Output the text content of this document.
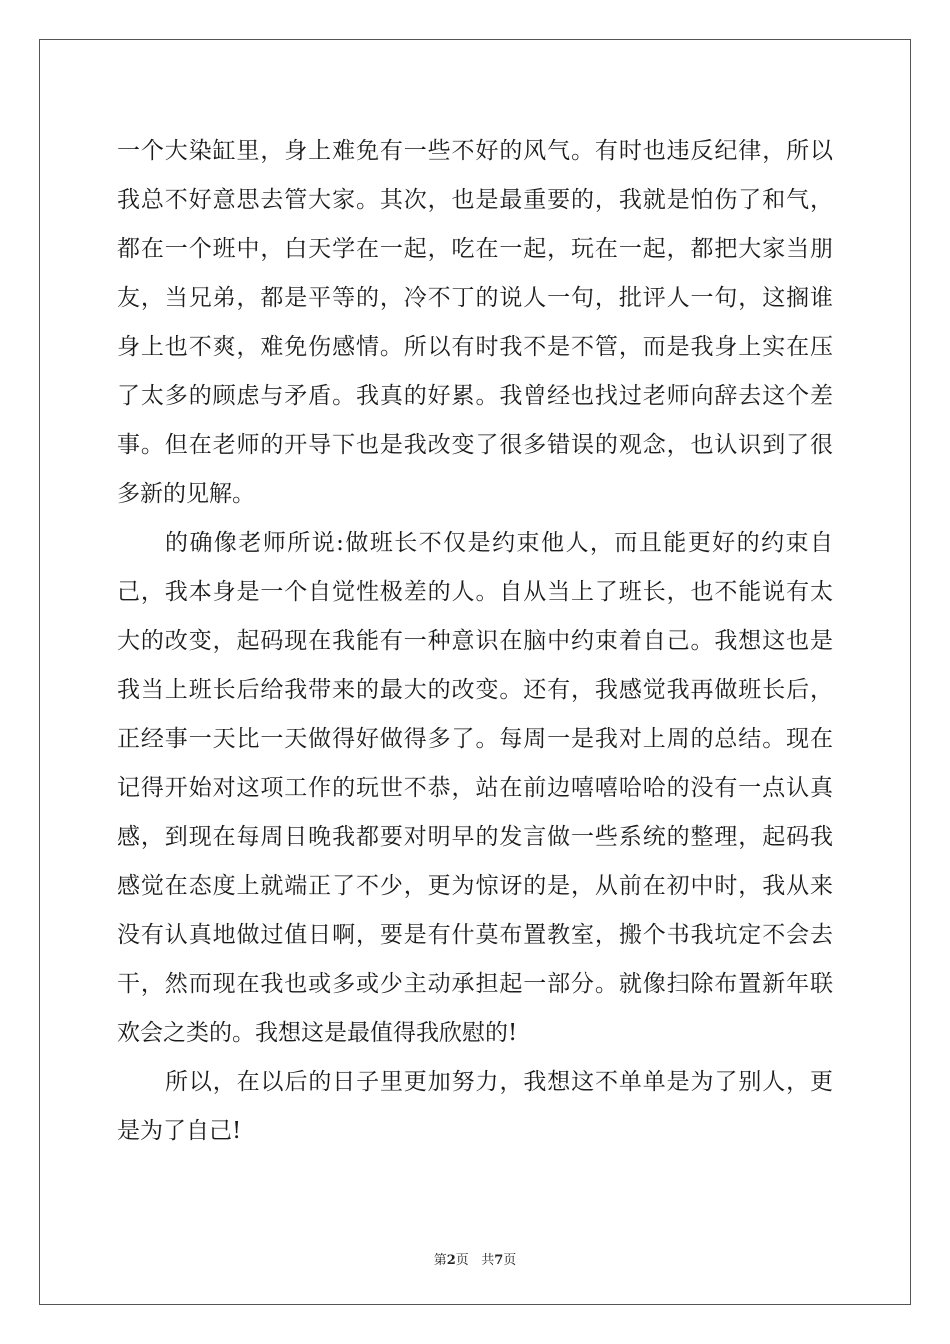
一个大染缸里，身上难免有一些不好的风气。有时也违反纪律，所以
我总不好意思去管大家。其次，也是最重要的，我就是怕伤了和气，
都在一个班中，白天学在一起，吃在一起，玩在一起，都把大家当朋
友，当兄弟，都是平等的，冷不丁的说人一句，批评人一句，这搁谁
身上也不爽，难免伤感情。所以有时我不是不管，而是我身上实在压
了太多的顾虑与矛盾。我真的好累。我曾经也找过老师向辞去这个差
事。但在老师的开导下也是我改变了很多错误的观念，也认识到了很
多新的见解。
的确像老师所说:做班长不仅是约束他人，而且能更好的约束自
己，我本身是一个自觉性极差的人。自从当上了班长，也不能说有太
大的改变，起码现在我能有一种意识在脑中约束着自己。我想这也是
我当上班长后给我带来的最大的改变。还有，我感觉我再做班长后，
正经事一天比一天做得好做得多了。每周一是我对上周的总结。现在
记得开始对这项工作的玩世不恭，站在前边嘻嘻哈哈的没有一点认真
感，到现在每周日晚我都要对明早的发言做一些系统的整理，起码我
感觉在态度上就端正了不少，更为惊讶的是，从前在初中时，我从来
没有认真地做过值日啊，要是有什莫布置教室，搬个书我坑定不会去
干，然而现在我也或多或少主动承担起一部分。就像扫除布置新年联
欢会之类的。我想这是最值得我欣慰的!
所以，在以后的日子里更加努力，我想这不单单是为了别人，更
是为了自己!
第2页 共7页
